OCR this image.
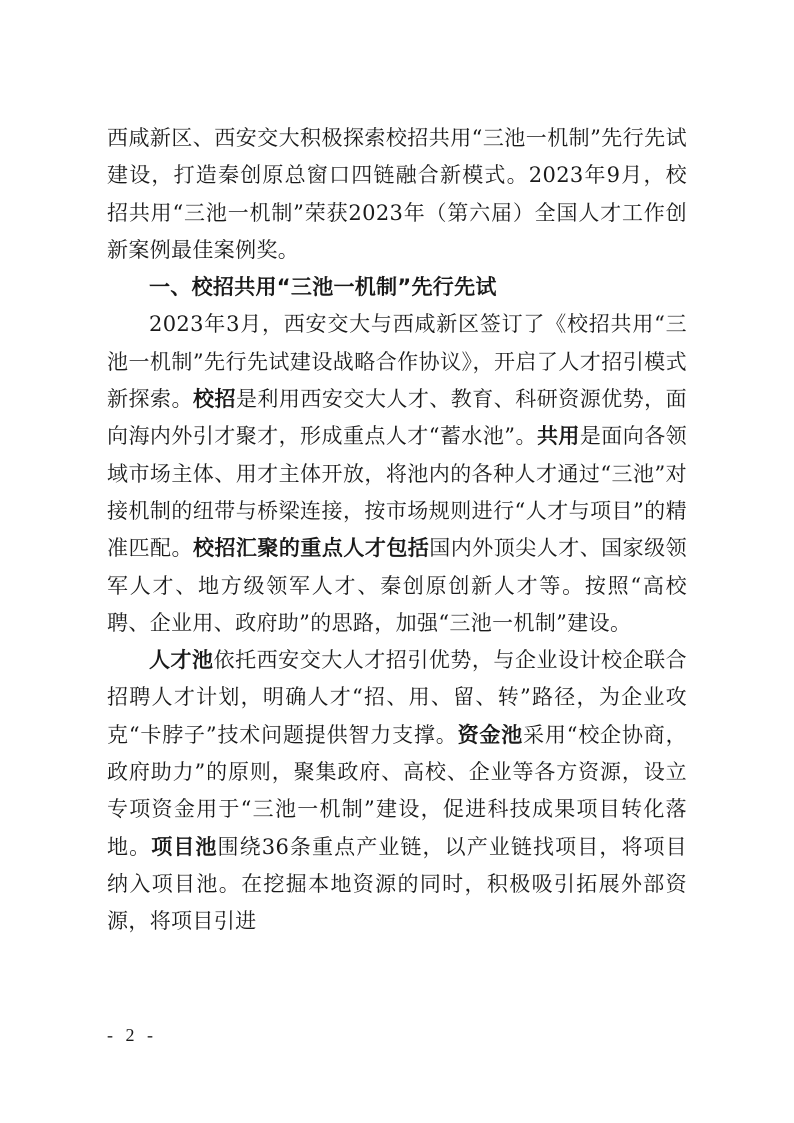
西咸新区、西安交大积极探索校招共用“三池一机制”先行先试建设，打造秦创原总窗口四链融合新模式。2023年9月，校招共用“三池一机制”荣获2023年（第六届）全国人才工作创新案例最佳案例奖。

一、校招共用“三池一机制”先行先试

2023年3月，西安交大与西咸新区签订了《校招共用“三池一机制”先行先试建设战略合作协议》，开启了人才招引模式新探索。校招是利用西安交大人才、教育、科研资源优势，面向海内外引才聚才，形成重点人才“蓄水池”。共用是面向各领域市场主体、用才主体开放，将池内的各种人才通过“三池”对接机制的纽带与桥梁连接，按市场规则进行“人才与项目”的精准匹配。校招汇聚的重点人才包括国内外顶尖人才、国家级领军人才、地方级领军人才、秦创原创新人才等。按照“高校聘、企业用、政府助”的思路，加强“三池一机制”建设。

人才池依托西安交大人才招引优势，与企业设计校企联合招聘人才计划，明确人才“招、用、留、转”路径，为企业攻克“卡脖子”技术问题提供智力支撑。资金池采用“校企协商，政府助力”的原则，聚集政府、高校、企业等各方资源，设立专项资金用于“三池一机制”建设，促进科技成果项目转化落地。项目池围绕36条重点产业链，以产业链找项目，将项目纳入项目池。在挖掘本地资源的同时，积极吸引拓展外部资源，将项目引进

- 2 -
